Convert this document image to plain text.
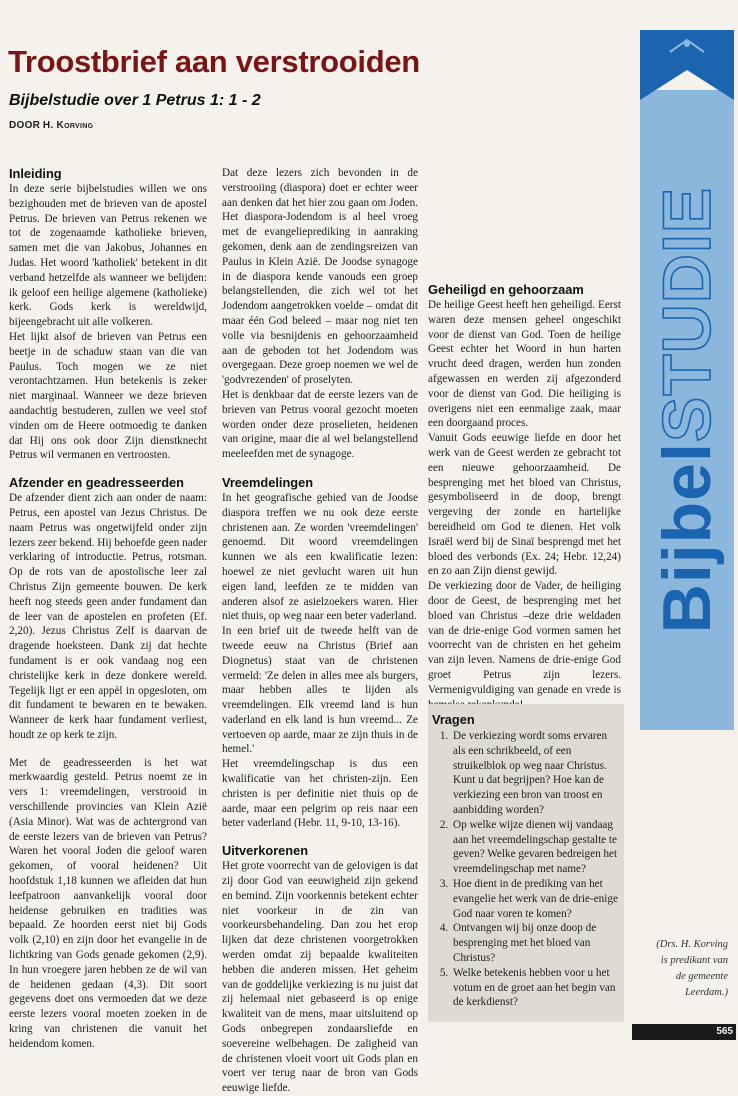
Troostbrief aan verstrooiden
Bijbelstudie over 1 Petrus 1: 1 - 2
DOOR H. Korving
Inleiding

In deze serie bijbelstudies willen we ons bezighouden met de brieven van de apostel Petrus. De brieven van Petrus rekenen we tot de zogenaamde katholieke brieven, samen met die van Jakobus, Johannes en Judas. Het woord 'katholiek' betekent in dit verband hetzelfde als wanneer we belijden: ik geloof een heilige algemene (katholieke) kerk. Gods kerk is wereldwijd, bijeengebracht uit alle volkeren.

Het lijkt alsof de brieven van Petrus een beetje in de schaduw staan van die van Paulus. Toch mogen we ze niet verontachtzamen. Hun betekenis is zeker niet marginaal. Wanneer we deze brieven aandachtig bestuderen, zullen we veel stof vinden om de Heere ootmoedig te danken dat Hij ons ook door Zijn dienstknecht Petrus wil vermanen en vertroosten.

Afzender en geadresseerden

De afzender dient zich aan onder de naam: Petrus, een apostel van Jezus Christus. De naam Petrus was ongetwijfeld onder zijn lezers zeer bekend. Hij behoefde geen nader verklaring of introductie. Petrus, rotsman. Op de rots van de apostolische leer zal Christus Zijn gemeente bouwen. De kerk heeft nog steeds geen ander fundament dan de leer van de apostelen en profeten (Ef. 2,20). Jezus Christus Zelf is daarvan de dragende hoeksteen. Dank zij dat hechte fundament is er ook vandaag nog een christelijke kerk in deze donkere wereld. Tegelijk ligt er een appèl in opgesloten, om dit fundament te bewaren en te bewaken. Wanneer de kerk haar fundament verliest, houdt ze op kerk te zijn.

Met de geadresseerden is het wat merkwaardig gesteld. Petrus noemt ze in vers 1: vreemdelingen, verstrooid in verschillende provincies van Klein Azië (Asia Minor). Wat was de achtergrond van de eerste lezers van de brieven van Petrus? Waren het vooral Joden die geloof waren gekomen, of vooral heidenen? Uit hoofdstuk 1,18 kunnen we afleiden dat hun leefpatroon aanvankelijk vooral door heidense gebruiken en tradities was bepaald. Ze hoorden eerst niet bij Gods volk (2,10) en zijn door het evangelie in de lichtkring van Gods genade gekomen (2,9). In hun vroegere jaren hebben ze de wil van de heidenen gedaan (4,3). Dit soort gegevens doet ons vermoeden dat we deze eerste lezers vooral moeten zoeken in de kring van christenen die vanuit het heidendom komen.

Dat deze lezers zich bevonden in de verstrooiing (diaspora) doet er echter weer aan denken dat het hier zou gaan om Joden. Het diaspora-Jodendom is al heel vroeg met de evangelieprediking in aanraking gekomen, denk aan de zendingsreizen van Paulus in Klein Azië. De Joodse synagoge in de diaspora kende vanouds een groep belangstellenden, die zich wel tot het Jodendom aangetrokken voelde – omdat dit maar één God beleed – maar nog niet ten volle via besnijdenis en gehoorzaamheid aan de geboden tot het Jodendom was overgegaan. Deze groep noemen we wel de 'godvrezenden' of proselyten.

Het is denkbaar dat de eerste lezers van de brieven van Petrus vooral gezocht moeten worden onder deze proselieten, heidenen van origine, maar die al wel belangstellend meeleefden met de synagoge.

Vreemdelingen

In het geografische gebied van de Joodse diaspora treffen we nu ook deze eerste christenen aan. Ze worden 'vreemdelingen' genoemd. Dit woord vreemdelingen kunnen we als een kwalificatie lezen: hoewel ze niet gevlucht waren uit hun eigen land, leefden ze te midden van anderen alsof ze asielzoekers waren. Hier niet thuis, op weg naar een beter vaderland.

In een brief uit de tweede helft van de tweede eeuw na Christus (Brief aan Diognetus) staat van de christenen vermeld: 'Ze delen in alles mee als burgers, maar hebben alles te lijden als vreemdelingen. Elk vreemd land is hun vaderland en elk land is hun vreemd... Ze vertoeven op aarde, maar ze zijn thuis in de hemel.'

Het vreemdelingschap is dus een kwalificatie van het christen-zijn. Een christen is per definitie niet thuis op de aarde, maar een pelgrim op reis naar een beter vaderland (Hebr. 11, 9-10, 13-16).

Uitverkorenen

Het grote voorrecht van de gelovigen is dat zij door God van eeuwigheid zijn gekend en bemind. Zijn voorkennis betekent echter niet voorkeur in de zin van voorkeursbehandeling. Dan zou het erop lijken dat deze christenen voorgetrokken werden omdat zij bepaalde kwaliteiten hebben die anderen missen. Het geheim van de goddelijke verkiezing is nu juist dat zij helemaal niet gebaseerd is op enige kwaliteit van de mens, maar uitsluitend op Gods onbegrepen zondaarsliefde en soevereine welbehagen. De zaligheid van de christenen vloeit voort uit Gods plan en voert ver terug naar de bron van Gods eeuwige liefde.

Geheiligd en gehoorzaam

De heilige Geest heeft hen geheiligd. Eerst waren deze mensen geheel ongeschikt voor de dienst van God. Toen de heilige Geest echter het Woord in hun harten vrucht deed dragen, werden hun zonden afgewassen en werden zij afgezonderd voor de dienst van God. Die heiliging is overigens niet een eenmalige zaak, maar een doorgaand proces.

Vanuit Gods eeuwige liefde en door het werk van de Geest werden ze gebracht tot een nieuwe gehoorzaamheid. De besprenging met het bloed van Christus, gesymboliseerd in de doop, brengt vergeving der zonde en hartelijke bereidheid om God te dienen. Het volk Israël werd bij de Sinaï besprengd met het bloed des verbonds (Ex. 24; Hebr. 12,24) en zo aan Zijn dienst gewijd.

De verkiezing door de Vader, de heiliging door de Geest, de besprenging met het bloed van Christus –deze drie weldaden van de drie-enige God vormen samen het voorrecht van de christen en het geheim van zijn leven. Namens de drie-enige God groet Petrus zijn lezers. Vermenigvuldiging van genade en vrede is

Vragen
1. De verkiezing wordt soms ervaren als een schrikbeeld, of een struikelblok op weg naar Christus. Kunt u dat begrijpen? Hoe kan de verkiezing een bron van troost en aanbidding worden?
2. Op welke wijze dienen wij vandaag aan het vreemdelingschap gestalte te geven? Welke gevaren bedreigen het vreemdelingschap met name?
3. Hoe dient in de prediking van het evangelie het werk van de drie-enige God naar voren te komen?
4. Ontvangen wij bij onze doop de besprenging met het bloed van Christus?
5. Welke betekenis hebben voor u het votum en de groet aan het begin van de kerkdienst?
BijbelSTUDIE
(Drs. H. Korving
is predikant van
de gemeente
Leerdam.)
565
